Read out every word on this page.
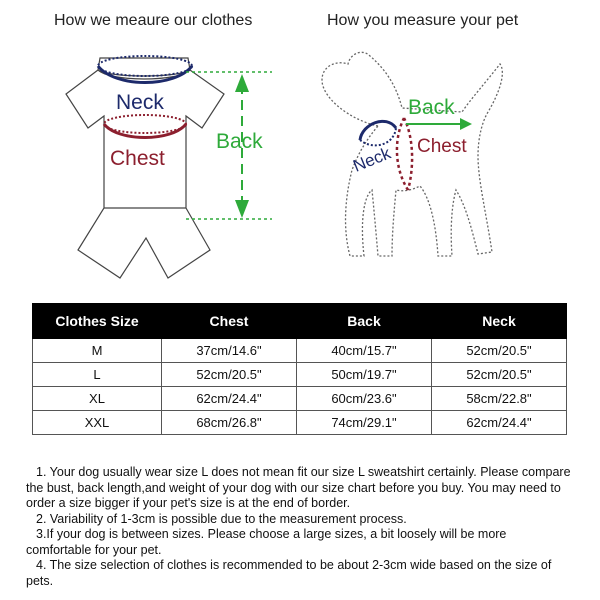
How we meaure our clothes	How you measure your pet
Neck
Chest
Back
Back
Chest
Neck
Clothes Size	Chest	Back	Neck
M	37cm/14.6"	40cm/15.7"	52cm/20.5"
L	52cm/20.5"	50cm/19.7"	52cm/20.5"
XL	62cm/24.4"	60cm/23.6"	58cm/22.8"
XXL	68cm/26.8"	74cm/29.1"	62cm/24.4"

1. Your dog usually wear size L does not mean fit our size L sweatshirt certainly. Please compare the bust, back length,and weight of your dog with our size chart before you buy. You may need to order a size bigger if your pet's size is at the end of border.

2. Variability of 1-3cm is possible due to the measurement process.

3.If your dog is between sizes. Please choose a large sizes, a bit loosely will be more comfortable for your pet.

4. The size selection of clothes is recommended to be about 2-3cm wide based on the size of pets.
